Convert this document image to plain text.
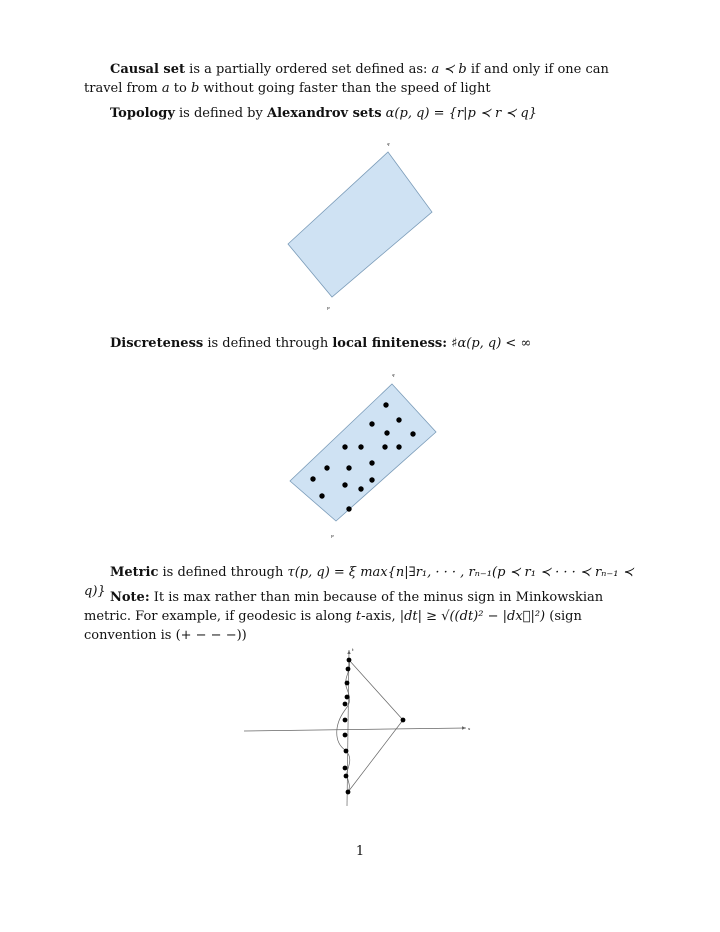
Causal set is a partially ordered set defined as: a ≺ b if and only if one can travel from a to b without going faster than the speed of light

Topology is defined by Alexandrov sets α(p, q) = {r|p ≺ r ≺ q}

q
p

Discreteness is defined through local finiteness: ♯α(p, q) < ∞

q
p

Metric is defined through τ(p, q) = ξ max{n|∃r₁, · · · , rₙ₋₁(p ≺ r₁ ≺ · · · ≺ rₙ₋₁ ≺ q)} Note: It is max rather than min because of the minus sign in Minkowskian metric. For example, if geodesic is along t-axis, |dt| ≥ √((dt)² − |dx⃗|²) (sign convention is (+ − − −))

t
x
1
